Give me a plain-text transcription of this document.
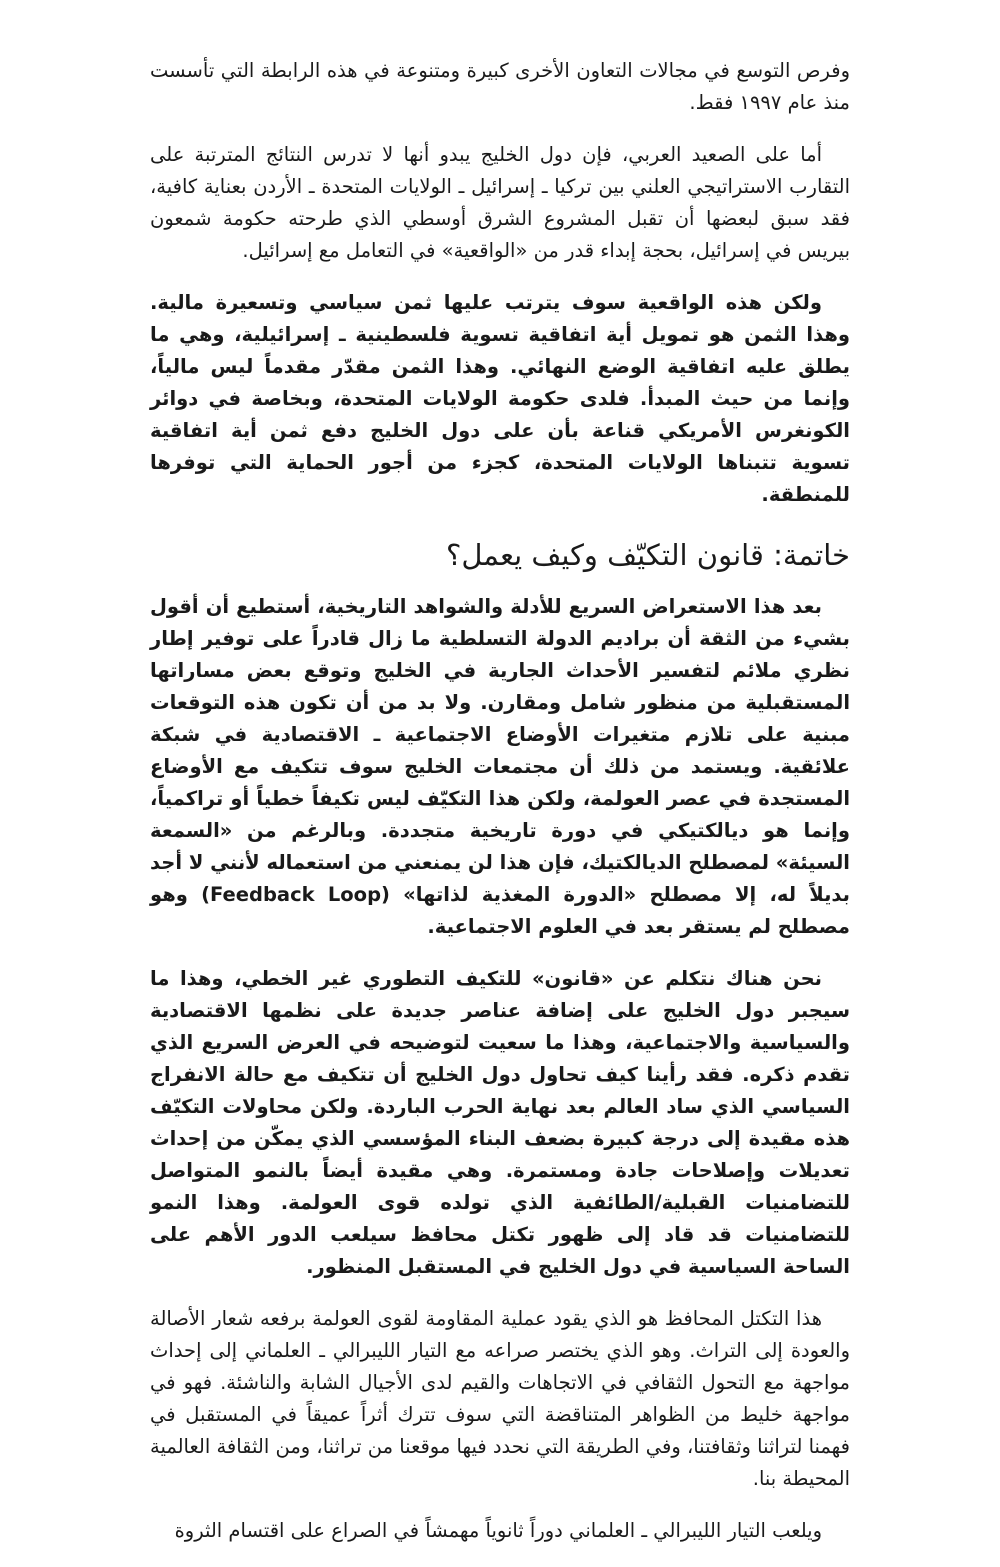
وفرص التوسع في مجالات التعاون الأخرى كبيرة ومتنوعة في هذه الرابطة التي تأسست منذ عام ١٩٩٧ فقط.

أما على الصعيد العربي، فإن دول الخليج يبدو أنها لا تدرس النتائج المترتبة على التقارب الاستراتيجي العلني بين تركيا ـ إسرائيل ـ الولايات المتحدة ـ الأردن بعناية كافية، فقد سبق لبعضها أن تقبل المشروع الشرق أوسطي الذي طرحته حكومة شمعون بيريس في إسرائيل، بحجة إبداء قدر من «الواقعية» في التعامل مع إسرائيل.

ولكن هذه الواقعية سوف يترتب عليها ثمن سياسي وتسعيرة مالية. وهذا الثمن هو تمويل أية اتفاقية تسوية فلسطينية ـ إسرائيلية، وهي ما يطلق عليه اتفاقية الوضع النهائي. وهذا الثمن مقدّر مقدماً ليس مالياً، وإنما من حيث المبدأ. فلدى حكومة الولايات المتحدة، وبخاصة في دوائر الكونغرس الأمريكي قناعة بأن على دول الخليج دفع ثمن أية اتفاقية تسوية تتبناها الولايات المتحدة، كجزء من أجور الحماية التي توفرها للمنطقة.

خاتمة: قانون التكيّف وكيف يعمل؟

بعد هذا الاستعراض السريع للأدلة والشواهد التاريخية، أستطيع أن أقول بشيء من الثقة أن براديم الدولة التسلطية ما زال قادراً على توفير إطار نظري ملائم لتفسير الأحداث الجارية في الخليج وتوقع بعض مساراتها المستقبلية من منظور شامل ومقارن. ولا بد من أن تكون هذه التوقعات مبنية على تلازم متغيرات الأوضاع الاجتماعية ـ الاقتصادية في شبكة علائقية. ويستمد من ذلك أن مجتمعات الخليج سوف تتكيف مع الأوضاع المستجدة في عصر العولمة، ولكن هذا التكيّف ليس تكيفاً خطياً أو تراكمياً، وإنما هو ديالكتيكي في دورة تاريخية متجددة. وبالرغم من «السمعة السيئة» لمصطلح الديالكتيك، فإن هذا لن يمنعني من استعماله لأنني لا أجد بديلاً له، إلا مصطلح «الدورة المغذية لذاتها» (Feedback Loop) وهو مصطلح لم يستقر بعد في العلوم الاجتماعية.

نحن هناك نتكلم عن «قانون» للتكيف التطوري غير الخطي، وهذا ما سيجبر دول الخليج على إضافة عناصر جديدة على نظمها الاقتصادية والسياسية والاجتماعية، وهذا ما سعيت لتوضيحه في العرض السريع الذي تقدم ذكره. فقد رأينا كيف تحاول دول الخليج أن تتكيف مع حالة الانفراج السياسي الذي ساد العالم بعد نهاية الحرب الباردة. ولكن محاولات التكيّف هذه مقيدة إلى درجة كبيرة بضعف البناء المؤسسي الذي يمكّن من إحداث تعديلات وإصلاحات جادة ومستمرة. وهي مقيدة أيضاً بالنمو المتواصل للتضامنيات القبلية/الطائفية الذي تولده قوى العولمة. وهذا النمو للتضامنيات قد قاد إلى ظهور تكتل محافظ سيلعب الدور الأهم على الساحة السياسية في دول الخليج في المستقبل المنظور.

هذا التكتل المحافظ هو الذي يقود عملية المقاومة لقوى العولمة برفعه شعار الأصالة والعودة إلى التراث. وهو الذي يختصر صراعه مع التيار الليبرالي ـ العلماني إلى إحداث مواجهة مع التحول الثقافي في الاتجاهات والقيم لدى الأجيال الشابة والناشئة. فهو في مواجهة خليط من الظواهر المتناقضة التي سوف تترك أثراً عميقاً في المستقبل في فهمنا لتراثنا وثقافتنا، وفي الطريقة التي نحدد فيها موقعنا من تراثنا، ومن الثقافة العالمية المحيطة بنا.

ويلعب التيار الليبرالي ـ العلماني دوراً ثانوياً مهمشاً في الصراع على اقتسام الثروة
